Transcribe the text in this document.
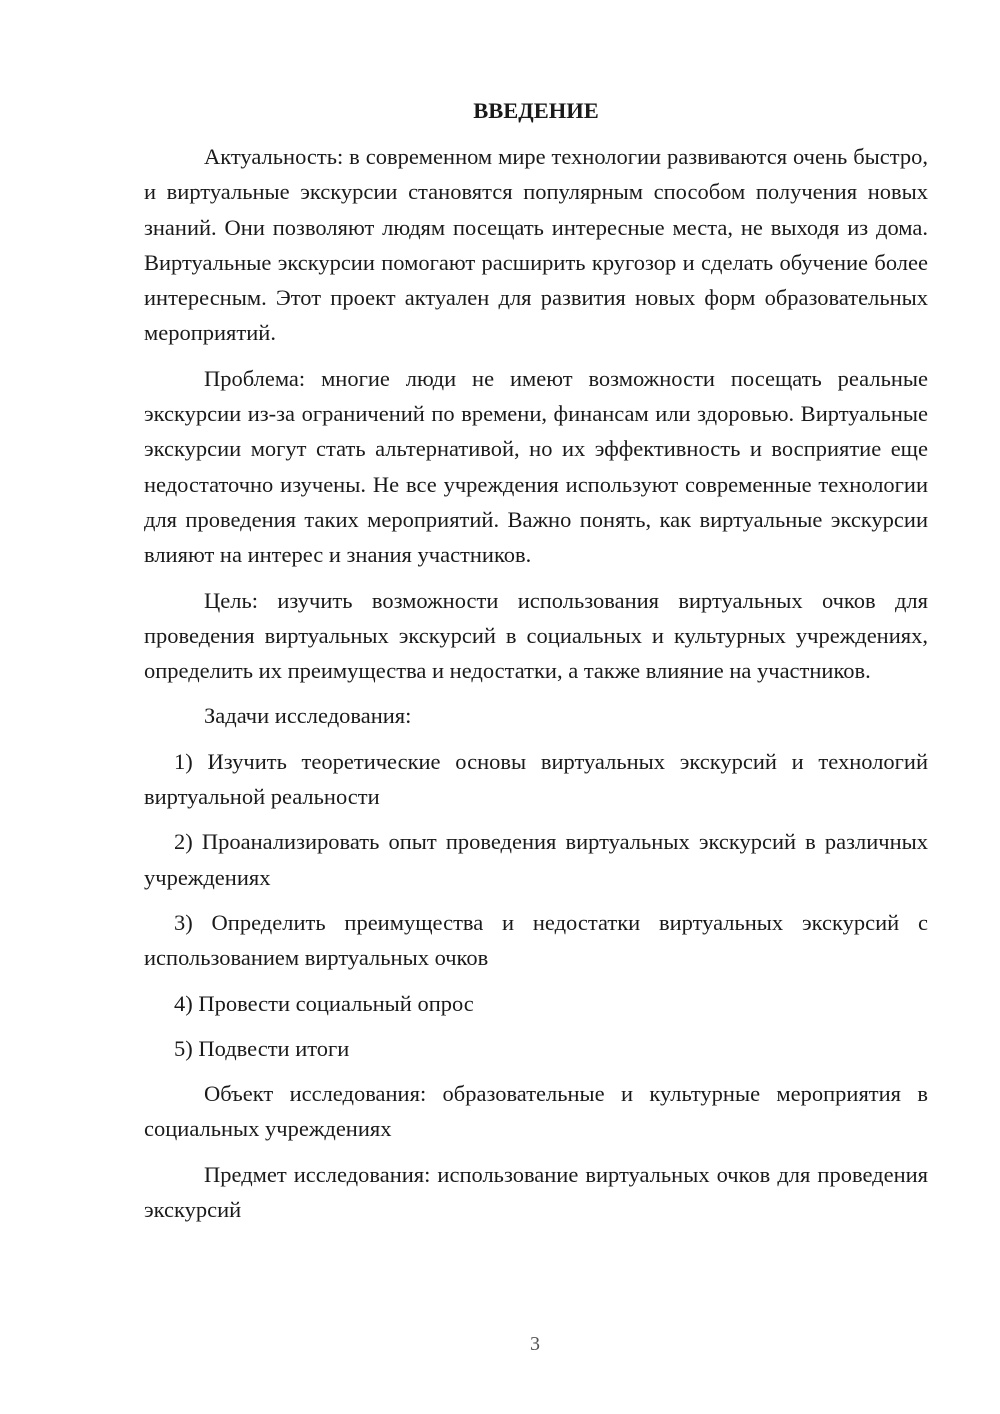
ВВЕДЕНИЕ

Актуальность: в современном мире технологии развиваются очень быстро, и виртуальные экскурсии становятся популярным способом получения новых знаний. Они позволяют людям посещать интересные места, не выходя из дома. Виртуальные экскурсии помогают расширить кругозор и сделать обучение более интересным. Этот проект актуален для развития новых форм образовательных мероприятий.

Проблема: многие люди не имеют возможности посещать реальные экскурсии из-за ограничений по времени, финансам или здоровью. Виртуальные экскурсии могут стать альтернативой, но их эффективность и восприятие еще недостаточно изучены. Не все учреждения используют современные технологии для проведения таких мероприятий. Важно понять, как виртуальные экскурсии влияют на интерес и знания участников.

Цель: изучить возможности использования виртуальных очков для проведения виртуальных экскурсий в социальных и культурных учреждениях, определить их преимущества и недостатки, а также влияние на участников.

Задачи исследования:

1) Изучить теоретические основы виртуальных экскурсий и технологий виртуальной реальности

2) Проанализировать опыт проведения виртуальных экскурсий в различных учреждениях

3) Определить преимущества и недостатки виртуальных экскурсий с использованием виртуальных очков

4) Провести социальный опрос

5) Подвести итоги

Объект исследования: образовательные и культурные мероприятия в социальных учреждениях

Предмет исследования: использование виртуальных очков для проведения экскурсий

3
